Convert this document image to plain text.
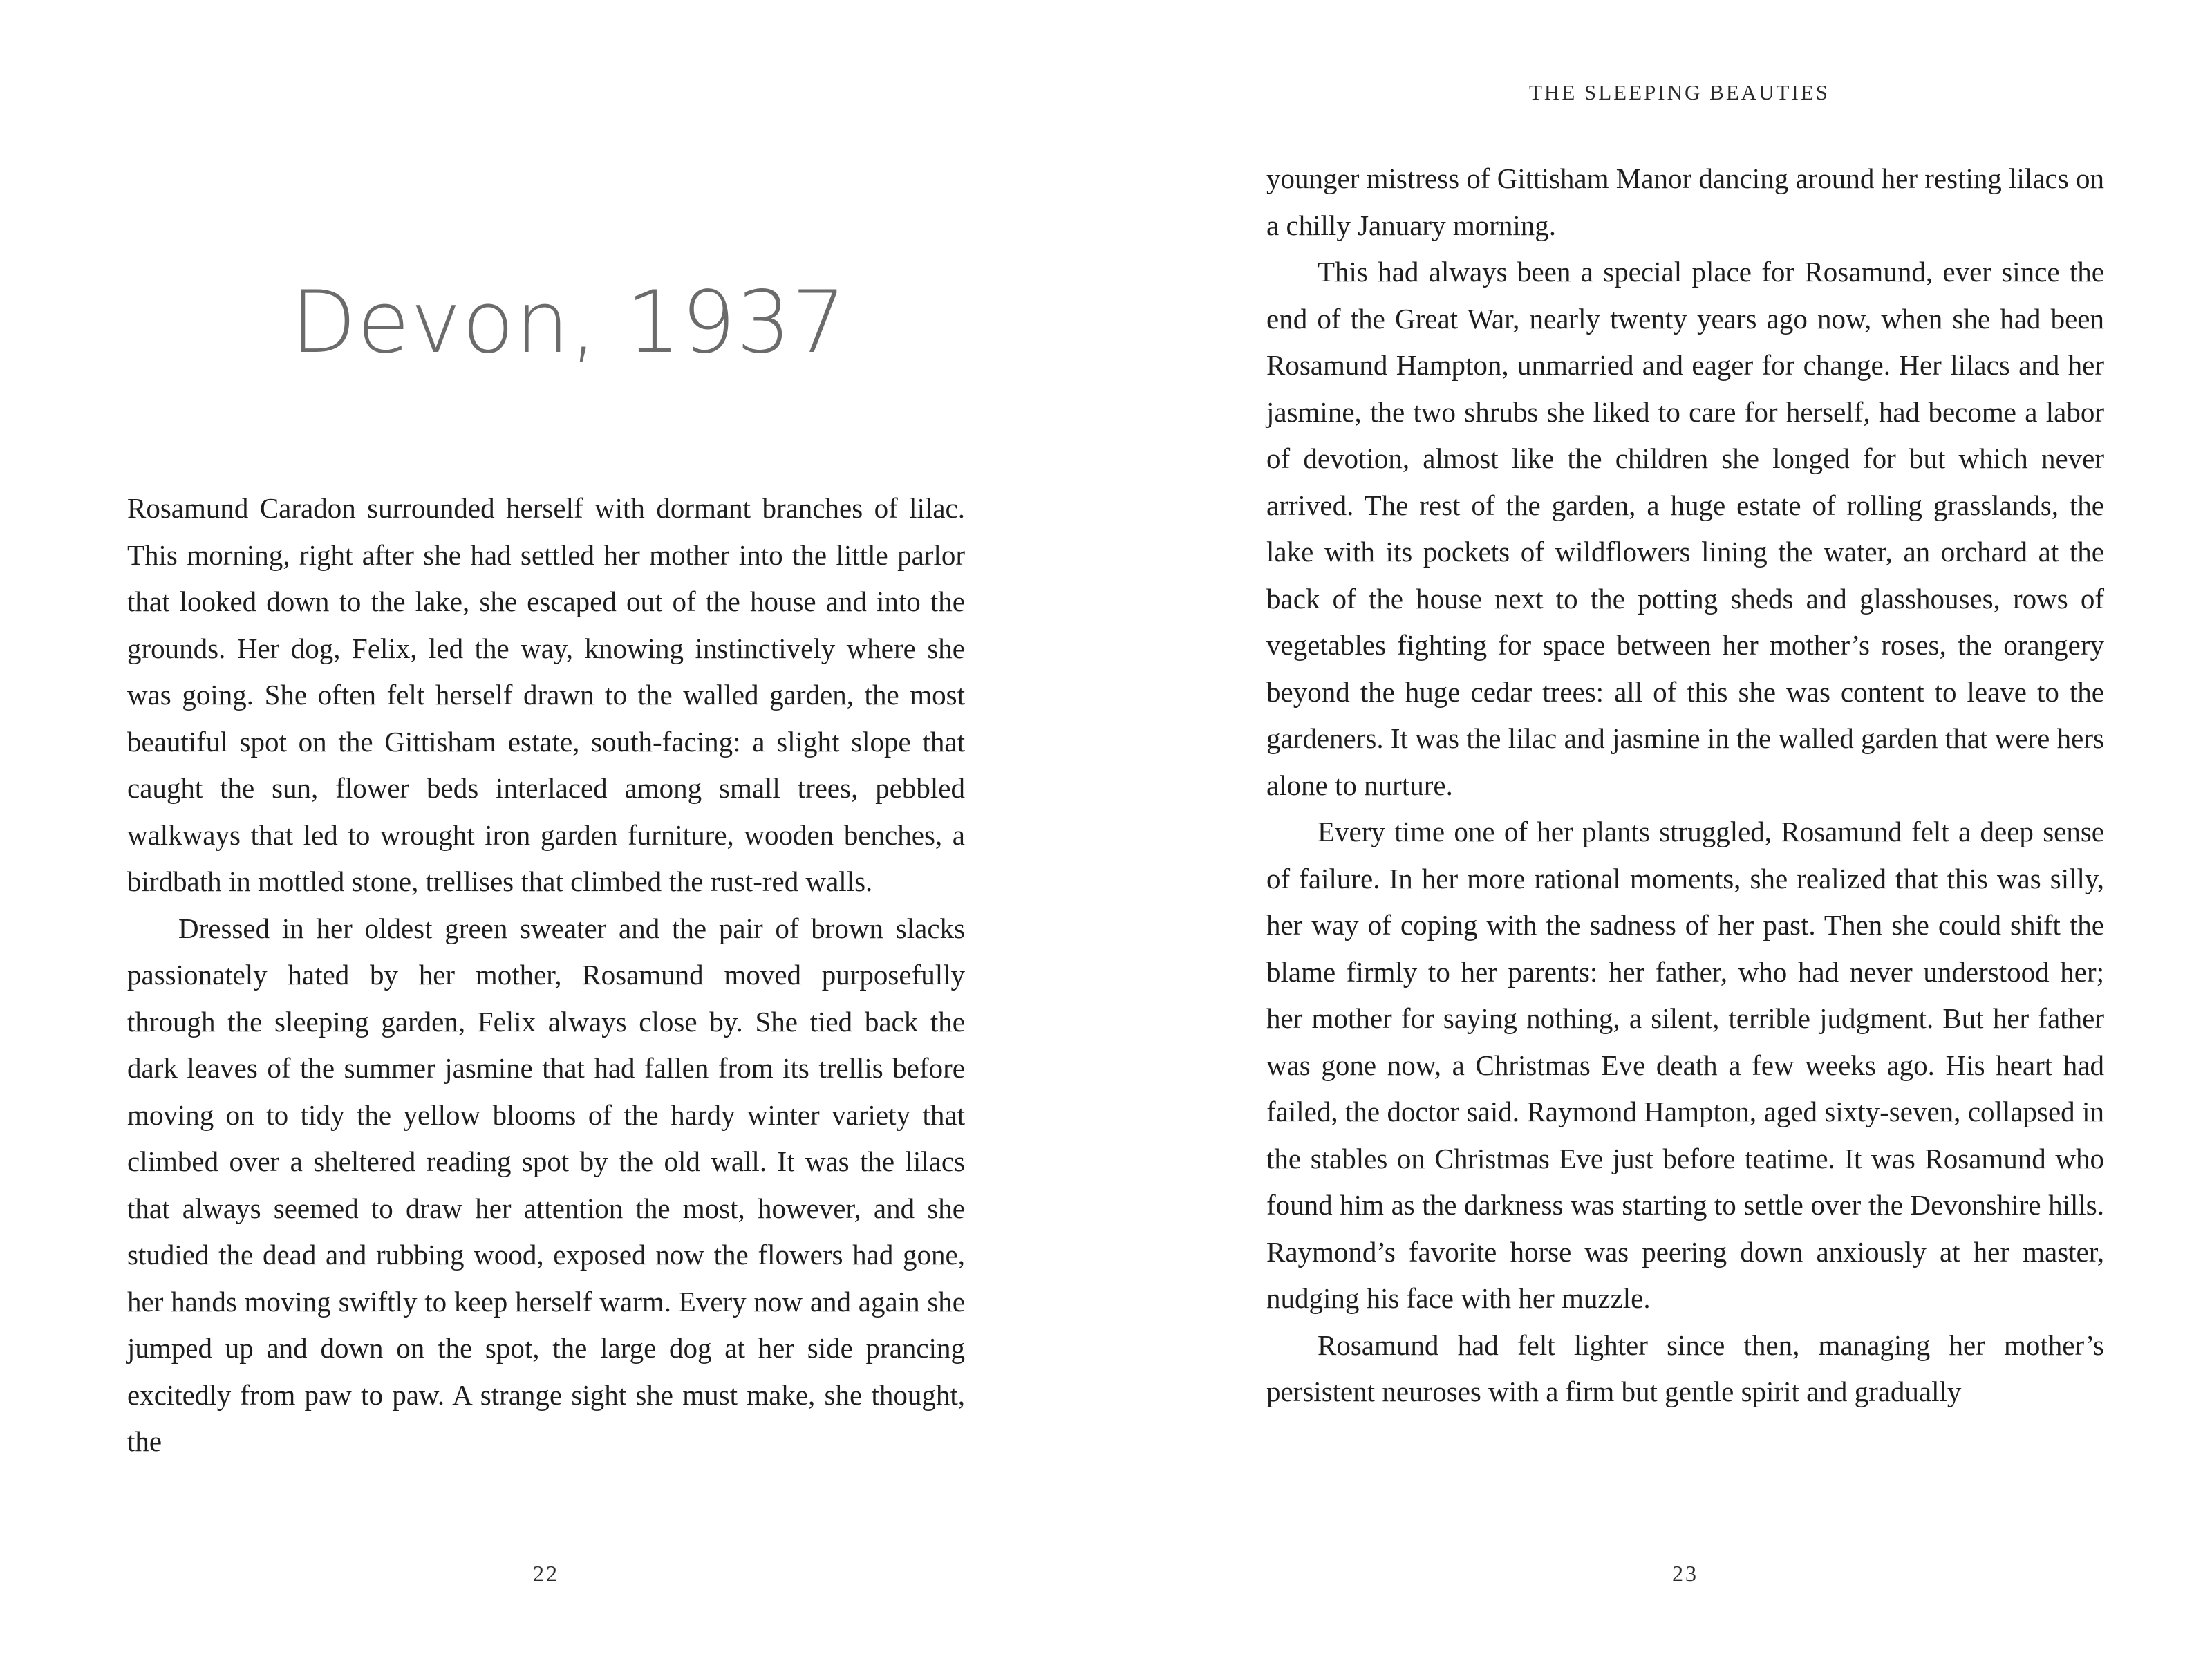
Devon, 1937

Rosamund Caradon surrounded herself with dormant branches of lilac. This morning, right after she had settled her mother into the little parlor that looked down to the lake, she escaped out of the house and into the grounds. Her dog, Felix, led the way, knowing instinctively where she was going. She often felt herself drawn to the walled garden, the most beautiful spot on the Gittisham estate, south-facing: a slight slope that caught the sun, flower beds interlaced among small trees, pebbled walkways that led to wrought iron garden furniture, wooden benches, a birdbath in mottled stone, trellises that climbed the rust-red walls.

Dressed in her oldest green sweater and the pair of brown slacks passionately hated by her mother, Rosamund moved purposefully through the sleeping garden, Felix always close by. She tied back the dark leaves of the summer jasmine that had fallen from its trellis before moving on to tidy the yellow blooms of the hardy winter variety that climbed over a sheltered reading spot by the old wall. It was the lilacs that always seemed to draw her attention the most, however, and she studied the dead and rubbing wood, exposed now the flowers had gone, her hands moving swiftly to keep herself warm. Every now and again she jumped up and down on the spot, the large dog at her side prancing excitedly from paw to paw. A strange sight she must make, she thought, the

22
THE SLEEPING BEAUTIES

younger mistress of Gittisham Manor dancing around her resting lilacs on a chilly January morning.

This had always been a special place for Rosamund, ever since the end of the Great War, nearly twenty years ago now, when she had been Rosamund Hampton, unmarried and eager for change. Her lilacs and her jasmine, the two shrubs she liked to care for herself, had become a labor of devotion, almost like the children she longed for but which never arrived. The rest of the garden, a huge estate of rolling grasslands, the lake with its pockets of wildflowers lining the water, an orchard at the back of the house next to the potting sheds and glasshouses, rows of vegetables fighting for space between her mother’s roses, the orangery beyond the huge cedar trees: all of this she was content to leave to the gardeners. It was the lilac and jasmine in the walled garden that were hers alone to nurture.

Every time one of her plants struggled, Rosamund felt a deep sense of failure. In her more rational moments, she realized that this was silly, her way of coping with the sadness of her past. Then she could shift the blame firmly to her parents: her father, who had never understood her; her mother for saying nothing, a silent, terrible judgment. But her father was gone now, a Christmas Eve death a few weeks ago. His heart had failed, the doctor said. Raymond Hampton, aged sixty-seven, collapsed in the stables on Christmas Eve just before teatime. It was Rosamund who found him as the darkness was starting to settle over the Devonshire hills. Raymond’s favorite horse was peering down anxiously at her master, nudging his face with her muzzle.

Rosamund had felt lighter since then, managing her mother’s persistent neuroses with a firm but gentle spirit and gradually

23
